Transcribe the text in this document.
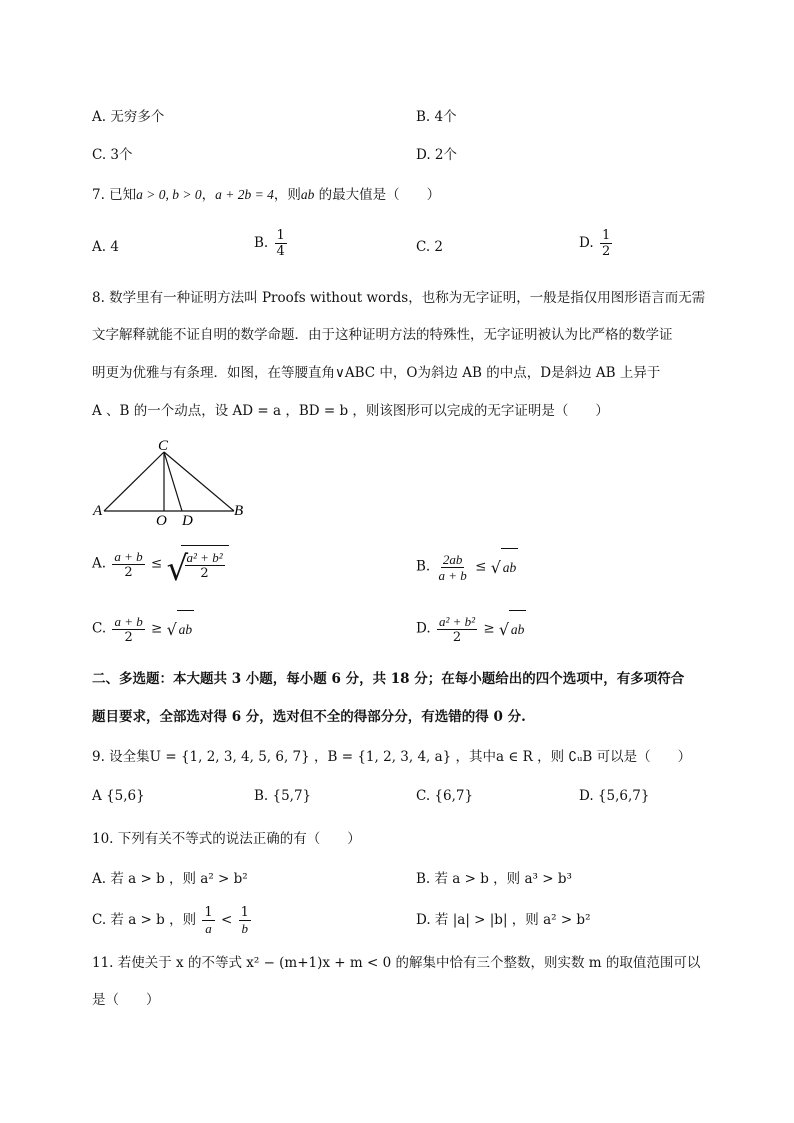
A. 无穷多个	B. 4个
C. 3个	D. 2个
7. 已知a > 0, b > 0，a + 2b = 4，则ab 的最大值是（　　）
A. 4	B. $\frac{1}{4}$	C. 2	D. $\frac{1}{2}$
8. 数学里有一种证明方法叫 Proofs without words，也称为无字证明，一般是指仅用图形语言而无需
文字解释就能不证自明的数学命题．由于这种证明方法的特殊性，无字证明被认为比严格的数学证
明更为优雅与有条理．如图，在等腰直角∨ABC 中，O为斜边 AB 的中点，D是斜边 AB 上异于
A 、B 的一个动点，设 AD = a ，BD = b ，则该图形可以完成的无字证明是（　　）
C
A	B
O D
A. $\frac{a + b}{2}$ ≤ √
$\frac{\text{a² + b²}}{2}$	B. $\frac{2ab}{a + b}$ ≤ √ ab
C. $\frac{a + b}{2}$ ≥ √ ab	D. $\frac{\text{a² + b²}}{2}$ ≥ √ ab
二、多选题：本大题共 3 小题，每小题 6 分，共 18 分；在每小题给出的四个选项中，有多项符合
题目要求，全部选对得 6 分，选对但不全的得部分分，有选错的得 0 分.
9. 设全集U = {1, 2, 3, 4, 5, 6, 7} ，B = {1, 2, 3, 4, a} ，其中a ∈ R ，则 ∁ᵤB 可以是（　　）
A {5,6}	B. {5,7}	C. {6,7}	D. {5,6,7}
10. 下列有关不等式的说法正确的有（　　）
A. 若 a > b ，则 a² > b²	B. 若 a > b ，则 a³ > b³
C. 若 a > b ，则 $\frac{1}{a} < \frac{1}{b}$	D. 若 |a| > |b| ，则 a² > b²
11. 若使关于 x 的不等式 x² − (m+1)x + m < 0 的解集中恰有三个整数，则实数 m 的取值范围可以
是（　　）
